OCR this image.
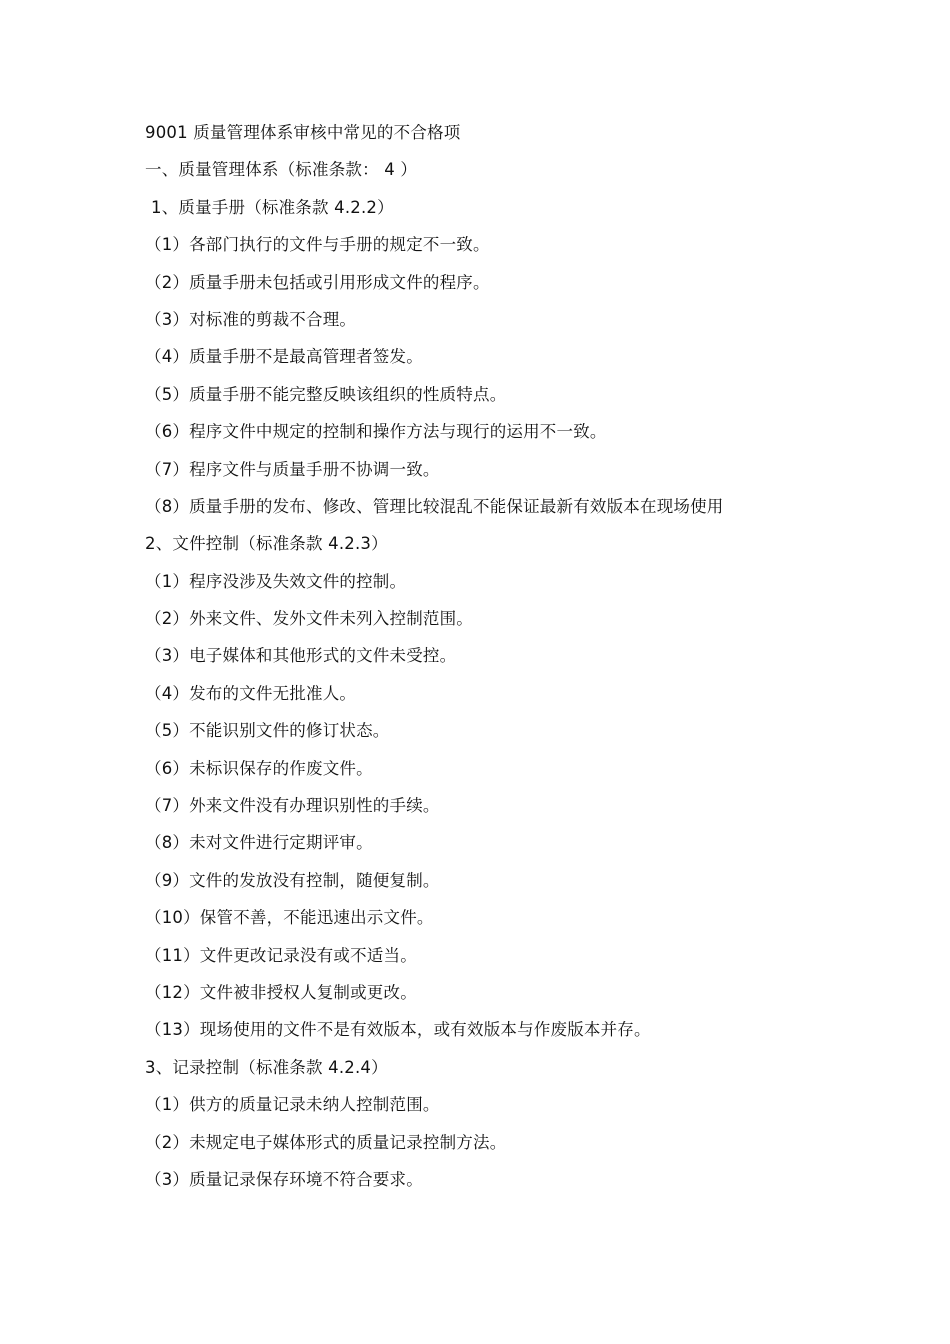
9001 质量管理体系审核中常见的不合格项
一、质量管理体系（标准条款： 4 ）
1、质量手册（标准条款 4.2.2）
（1）各部门执行的文件与手册的规定不一致。
（2）质量手册未包括或引用形成文件的程序。
（3）对标准的剪裁不合理。
（4）质量手册不是最高管理者签发。
（5）质量手册不能完整反映该组织的性质特点。
（6）程序文件中规定的控制和操作方法与现行的运用不一致。
（7）程序文件与质量手册不协调一致。
（8）质量手册的发布、修改、管理比较混乱不能保证最新有效版本在现场使用
2、文件控制（标准条款 4.2.3）
（1）程序没涉及失效文件的控制。
（2）外来文件、发外文件未列入控制范围。
（3）电子媒体和其他形式的文件未受控。
（4）发布的文件无批准人。
（5）不能识别文件的修订状态。
（6）未标识保存的作废文件。
（7）外来文件没有办理识别性的手续。
（8）未对文件进行定期评审。
（9）文件的发放没有控制，随便复制。
（10）保管不善，不能迅速出示文件。
（11）文件更改记录没有或不适当。
（12）文件被非授权人复制或更改。
（13）现场使用的文件不是有效版本，或有效版本与作废版本并存。
3、记录控制（标准条款 4.2.4）
（1）供方的质量记录未纳人控制范围。
（2）未规定电子媒体形式的质量记录控制方法。
（3）质量记录保存环境不符合要求。
